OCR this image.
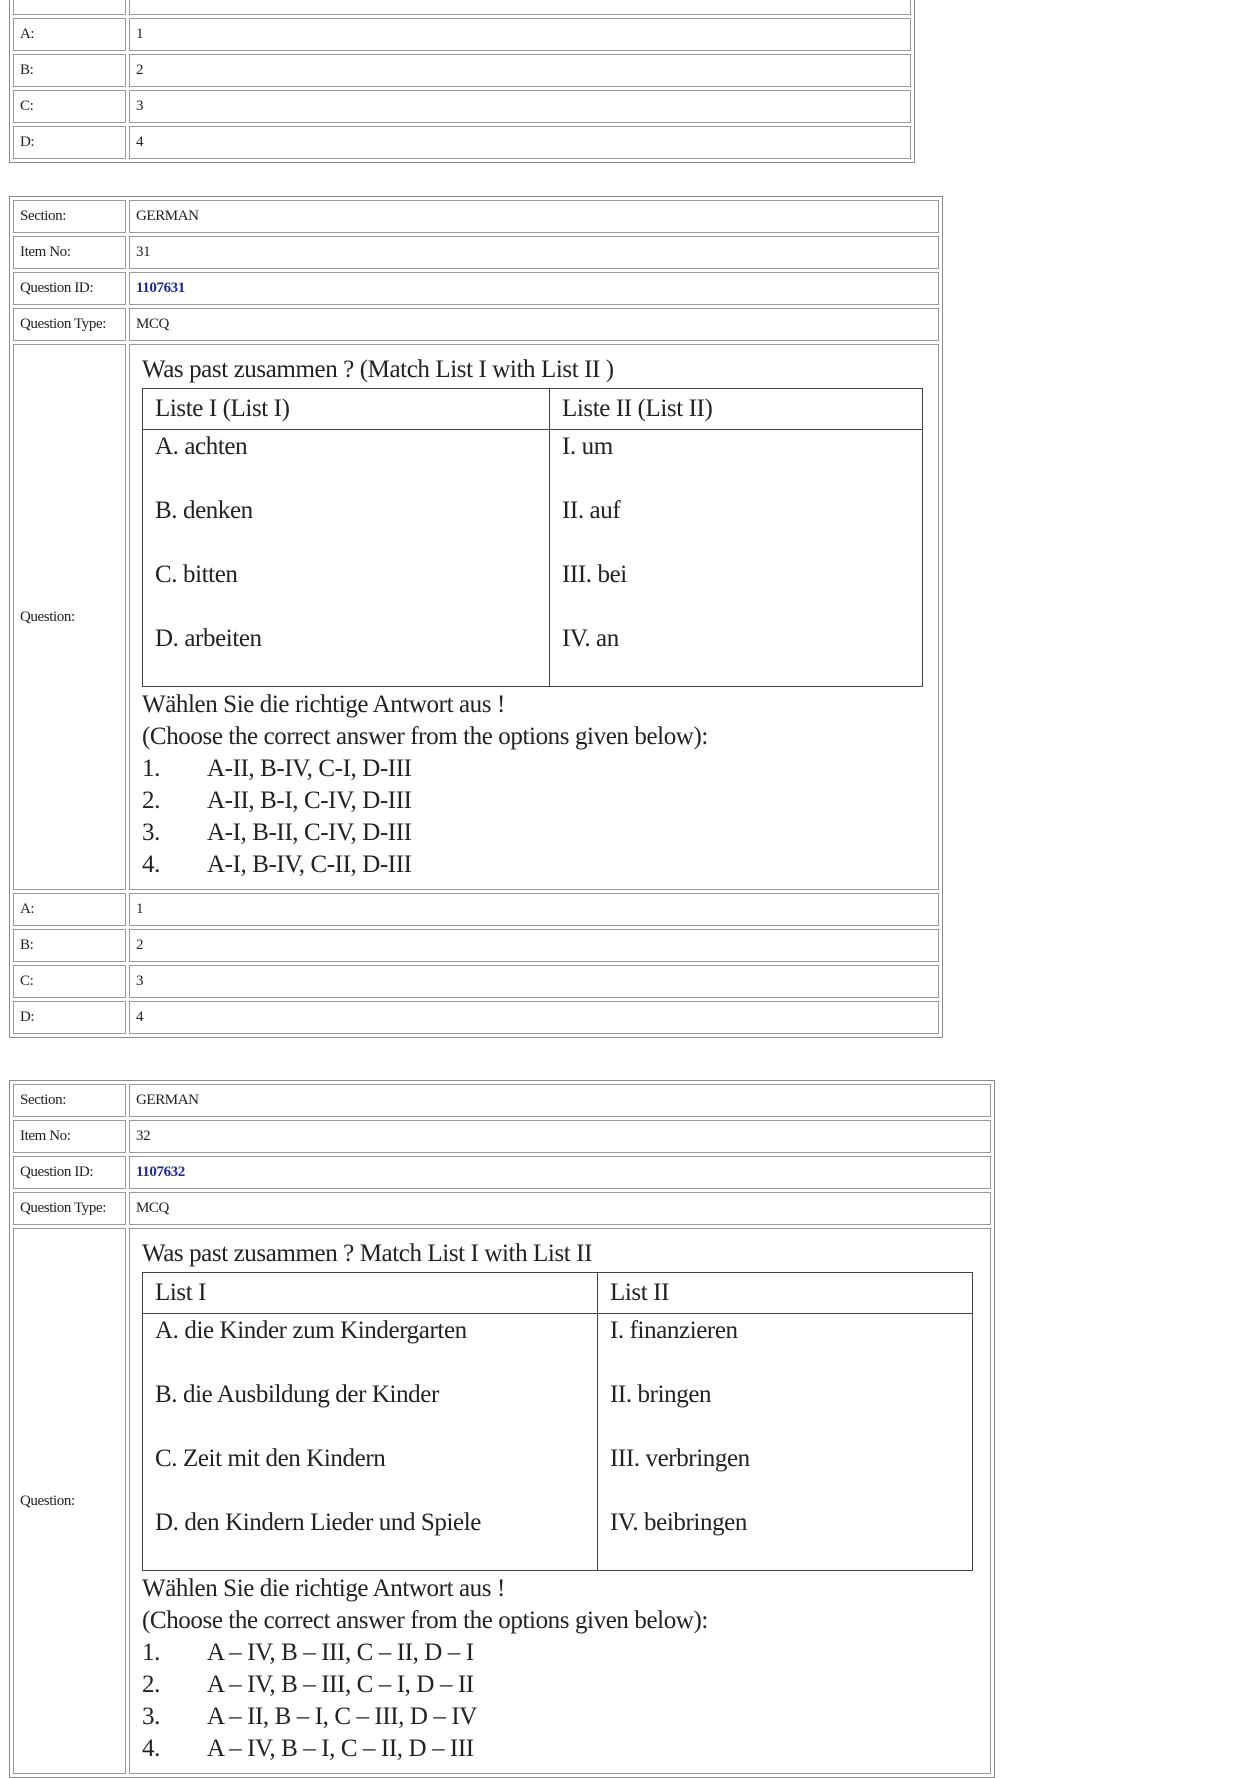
A:	1
B:	2
C:	3
D:	4
Section:	GERMAN
Item No:	31
Question ID:	1107631
Question Type:	MCQ
Question:	
Was past zusammen ? (Match List I with List II )
Liste I (List I)	Liste II (List II)

A. achten
B. denken
C. bitten
D. arbeiten

I. um
II. auf
III. bei
IV. an
Wählen Sie die richtige Antwort aus !
(Choose the correct answer from the options given below):
1. A-II, B-IV, C-I, D-III
2. A-II, B-I, C-IV, D-III
3. A-I, B-II, C-IV, D-III
4. A-I, B-IV, C-II, D-III

A:	1
B:	2
C:	3
D:	4
Section:	GERMAN
Item No:	32
Question ID:	1107632
Question Type:	MCQ
Question:	
Was past zusammen ? Match List I with List II
List I	List II

A. die Kinder zum Kindergarten
B. die Ausbildung der Kinder
C. Zeit mit den Kindern
D. den Kindern Lieder und Spiele

I. finanzieren
II. bringen
III. verbringen
IV. beibringen
Wählen Sie die richtige Antwort aus !
(Choose the correct answer from the options given below):
1. A – IV, B – III, C – II, D – I
2. A – IV, B – III, C – I, D – II
3. A – II, B – I, C – III, D – IV
4. A – IV, B – I, C – II, D – III
